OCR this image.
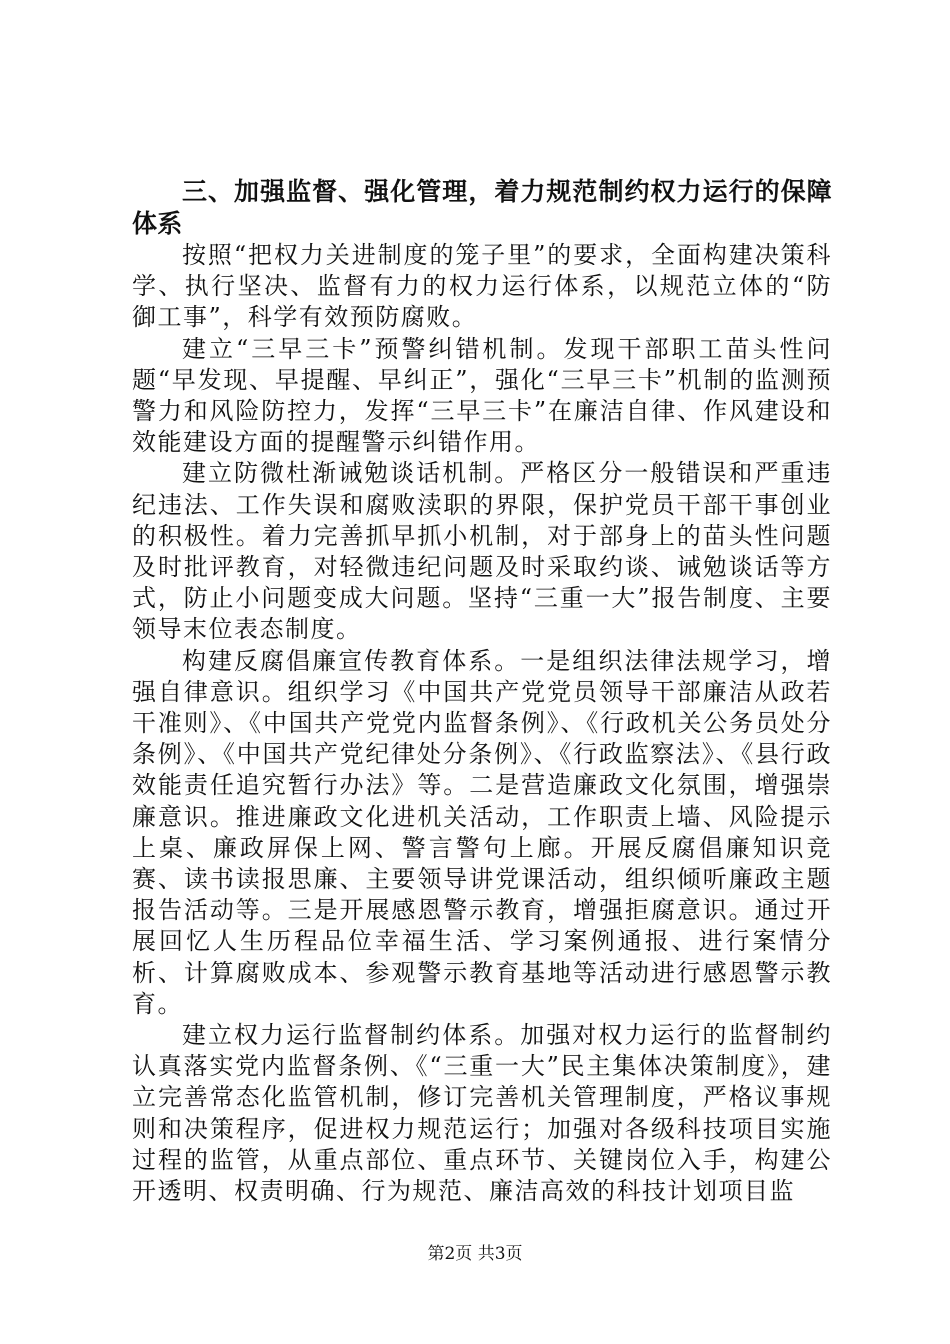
三、加强监督、强化管理，着力规范制约权力运行的保障体系

按照“把权力关进制度的笼子里”的要求，全面构建决策科学、执行坚决、监督有力的权力运行体系，以规范立体的“防御工事”，科学有效预防腐败。

建立“三早三卡”预警纠错机制。发现干部职工苗头性问题“早发现、早提醒、早纠正”，强化“三早三卡”机制的监测预警力和风险防控力，发挥“三早三卡”在廉洁自律、作风建设和效能建设方面的提醒警示纠错作用。

建立防微杜渐诫勉谈话机制。严格区分一般错误和严重违纪违法、工作失误和腐败渎职的界限，保护党员干部干事创业的积极性。着力完善抓早抓小机制，对于部身上的苗头性问题及时批评教育，对轻微违纪问题及时采取约谈、诫勉谈话等方式，防止小问题变成大问题。坚持“三重一大”报告制度、主要领导末位表态制度。

构建反腐倡廉宣传教育体系。一是组织法律法规学习，增强自律意识。组织学习《中国共产党党员领导干部廉洁从政若干准则》、《中国共产党党内监督条例》、《行政机关公务员处分条例》、《中国共产党纪律处分条例》、《行政监察法》、《县行政效能责任追究暂行办法》等。二是营造廉政文化氛围，增强崇廉意识。推进廉政文化进机关活动，工作职责上墙、风险提示上桌、廉政屏保上网、警言警句上廊。开展反腐倡廉知识竞赛、读书读报思廉、主要领导讲党课活动，组织倾听廉政主题报告活动等。三是开展感恩警示教育，增强拒腐意识。通过开展回忆人生历程品位幸福生活、学习案例通报、进行案情分析、计算腐败成本、参观警示教育基地等活动进行感恩警示教育。

建立权力运行监督制约体系。加强对权力运行的监督制约认真落实党内监督条例、《“三重一大”民主集体决策制度》，建立完善常态化监管机制，修订完善机关管理制度，严格议事规则和决策程序，促进权力规范运行；加强对各级科技项目实施过程的监管，从重点部位、重点环节、关键岗位入手，构建公开透明、权责明确、行为规范、廉洁高效的科技计划项目监

第2页 共3页
